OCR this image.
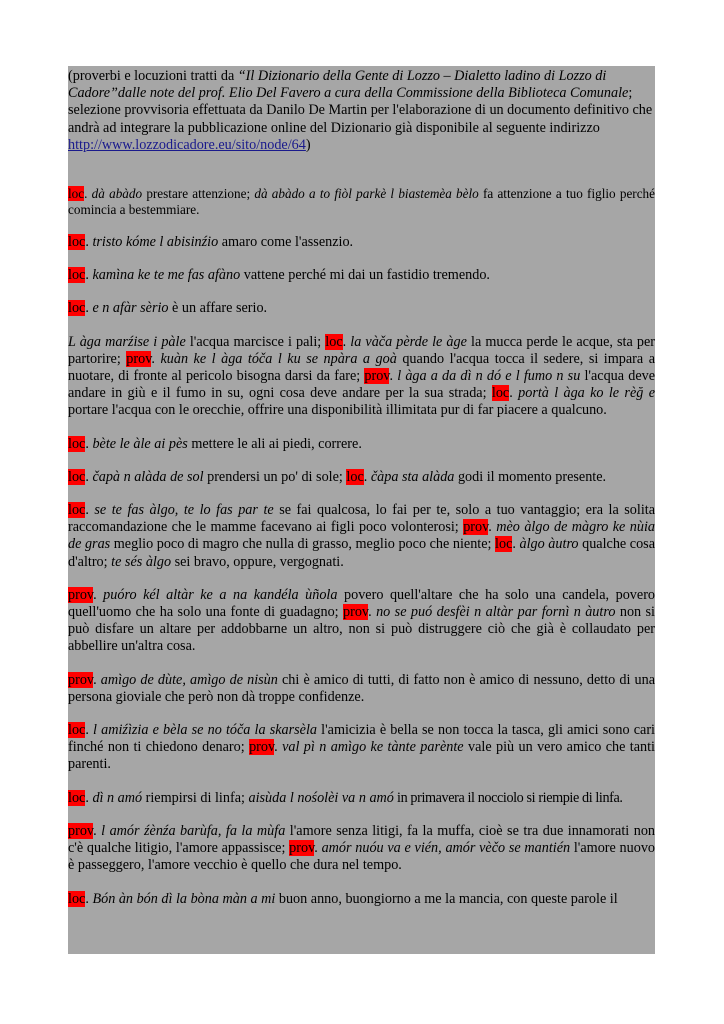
(proverbi e locuzioni tratti da “Il Dizionario della Gente di Lozzo – Dialetto ladino di Lozzo di Cadore”dalle note del prof. Elio Del Favero a cura della Commissione della Biblioteca Comunale; selezione provvisoria effettuata da Danilo De Martin per l'elaborazione di un documento definitivo che andrà ad integrare la pubblicazione online del Dizionario già disponibile al seguente indirizzo http://www.lozzodicadore.eu/sito/node/64)

loc. dà abàdo prestare attenzione; dà abàdo a to fiòl parkè l biastemèa bèlo fa attenzione a tuo figlio perché comincia a bestemmiare.

loc. tristo kóme l abisinźio amaro come l'assenzio.

loc. kamìna ke te me fas afàno vattene perché mi dai un fastidio tremendo.

loc. e n afàr sèrio è un affare serio.

L àga marźise i pàle l'acqua marcisce i pali; loc. la vàča pèrde le àge la mucca perde le acque, sta per partorire; prov. kuàn ke l àga tóča l ku se npàra a goà quando l'acqua tocca il sedere, si impara a nuotare, di fronte al pericolo bisogna darsi da fare; prov. l àga a da dì n dó e l fumo n su l'acqua deve andare in giù e il fumo in su, ogni cosa deve andare per la sua strada; loc. portà l àga ko le rèğ e portare l'acqua con le orecchie, offrire una disponibilità illimitata pur di far piacere a qualcuno.

loc. bète le àle ai pès mettere le ali ai piedi, correre.

loc. čapà n alàda de sol prendersi un po' di sole; loc. čàpa sta alàda godi il momento presente.

loc. se te fas àlgo, te lo fas par te se fai qualcosa, lo fai per te, solo a tuo vantaggio; era la solita raccomandazione che le mamme facevano ai figli poco volonterosi; prov. mèo àlgo de màgro ke nùia de gras meglio poco di magro che nulla di grasso, meglio poco che niente; loc. àlgo àutro qualche cosa d'altro; te sés àlgo sei bravo, oppure, vergognati.

prov. puóro kél altàr ke a na kandéla ùñola povero quell'altare che ha solo una candela, povero quell'uomo che ha solo una fonte di guadagno; prov. no se puó desfèi n altàr par fornì n àutro non si può disfare un altare per addobbarne un altro, non si può distruggere ciò che già è collaudato per abbellire un'altra cosa.

prov. amìgo de dùte, amìgo de nisùn chi è amico di tutti, di fatto non è amico di nessuno, detto di una persona gioviale che però non dà troppe confidenze.

loc. l amiźìzia e bèla se no tóča la skarsèla l'amicizia è bella se non tocca la tasca, gli amici sono cari finché non ti chiedono denaro; prov. val pì n amìgo ke tànte parènte vale più un vero amico che tanti parenti.

loc. dì n amó riempirsi di linfa; aisùda l nośolèi va n amó in primavera il nocciolo si riempie di linfa.

prov. l amór źènźa barùfa, fa la mùfa l'amore senza litigi, fa la muffa, cioè se tra due innamorati non c'è qualche litigio, l'amore appassisce; prov. amór nuóu va e vién, amór vèčo se mantién l'amore nuovo è passeggero, l'amore vecchio è quello che dura nel tempo.

loc. Bón àn bón dì la bòna màn a mi buon anno, buongiorno a me la mancia, con queste parole il
